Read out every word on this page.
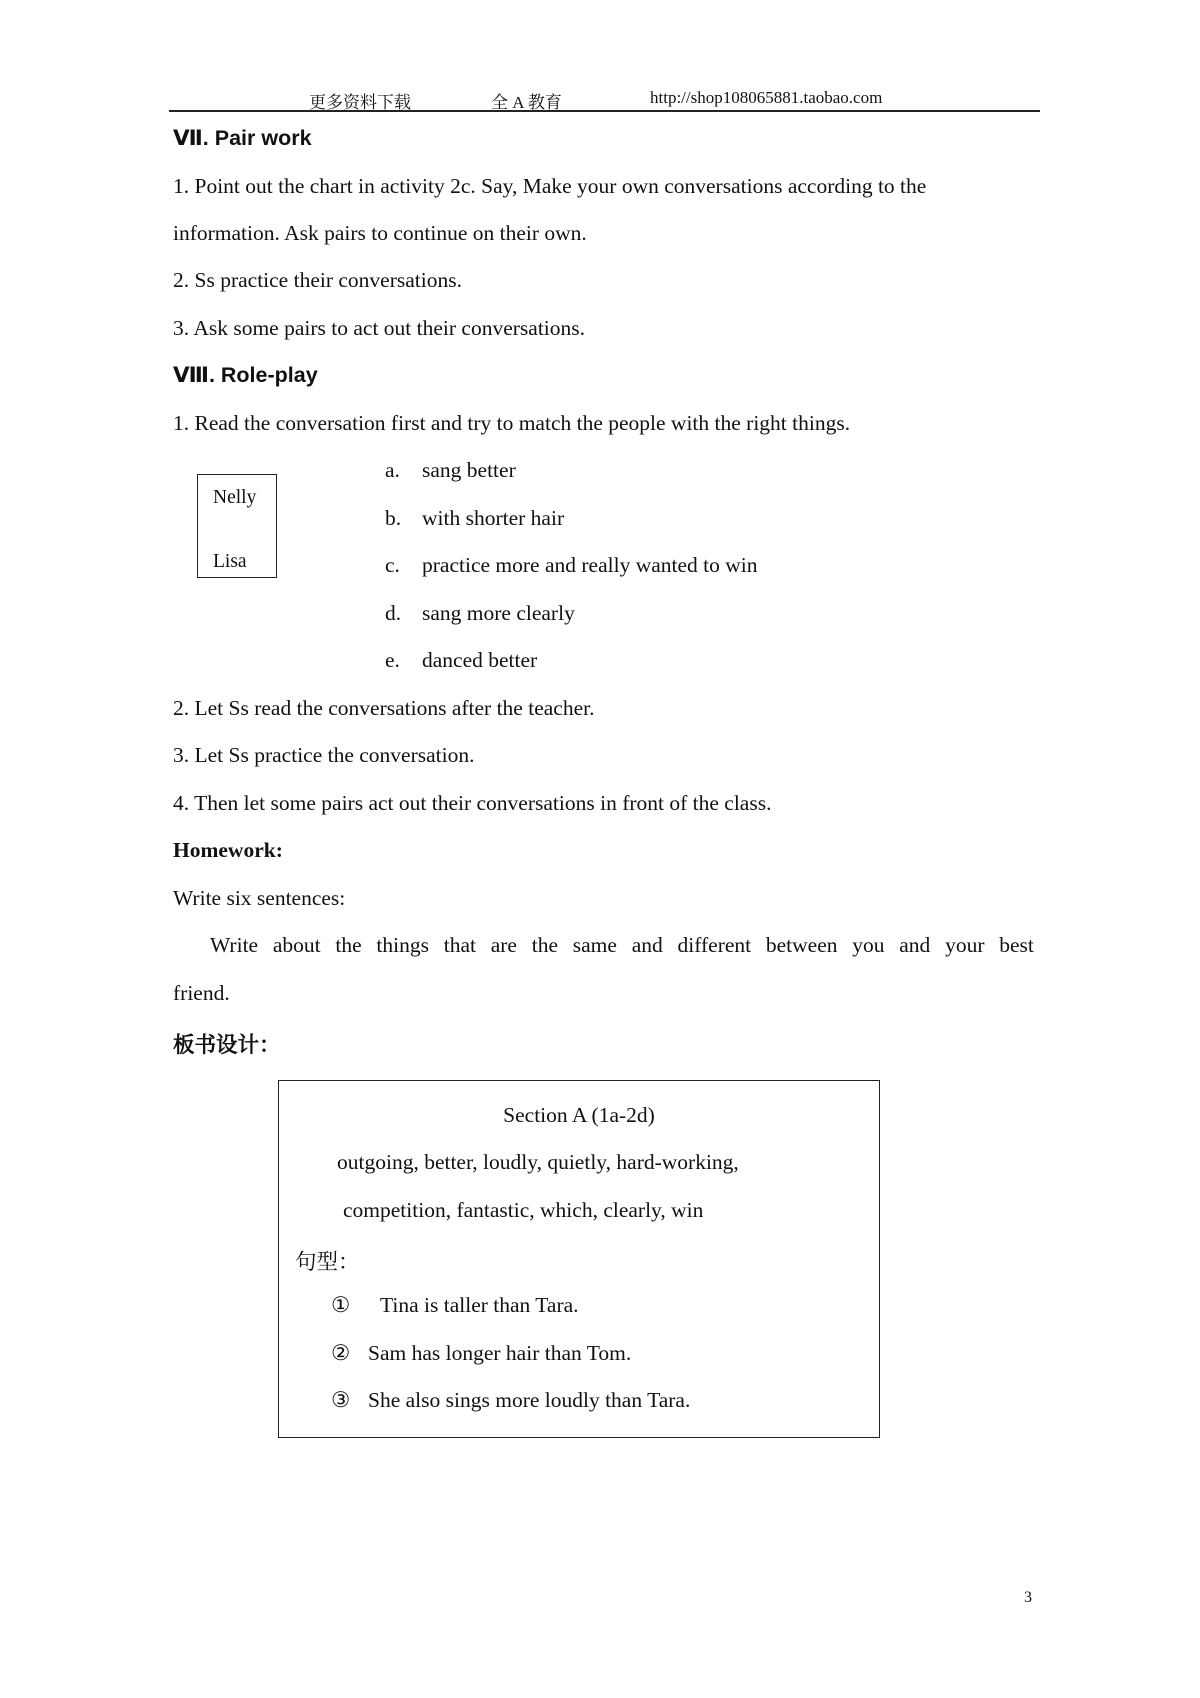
更多资料下载	全 A 教育	http://shop108065881.taobao.com
Ⅶ. Pair work
1. Point out the chart in activity 2c. Say, Make your own conversations according to the
information. Ask pairs to continue on their own.
2. Ss practice their conversations.
3. Ask some pairs to act out their conversations.
Ⅷ. Role-play
1. Read the conversation first and try to match the people with the right things.
Nelly
Lisa
a. sang better
b. with shorter hair
c. practice more and really wanted to win
d. sang more clearly
e. danced better
2. Let Ss read the conversations after the teacher.
3. Let Ss practice the conversation.
4. Then let some pairs act out their conversations in front of the class.
Homework:
Write six sentences:
Write about the things that are the same and different between you and your best
friend.
板书设计：
Section A (1a-2d)
outgoing, better, loudly, quietly, hard-working,
competition, fantastic, which, clearly, win
句型：
① Tina is taller than Tara.
② Sam has longer hair than Tom.
③ She also sings more loudly than Tara.
3
